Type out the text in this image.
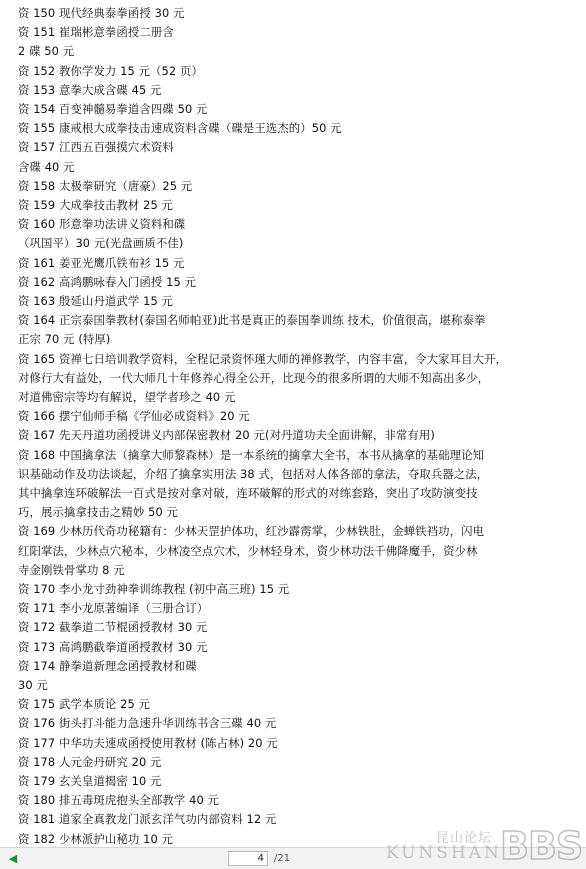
资 150 现代经典泰拳函授 30 元
资 151 崔瑞彬意拳函授二册含
2 碟 50 元
资 152 教你学发力 15 元（52 页）
资 153 意拳大成含碟 45 元
资 154 百变神髓易拳道含四碟 50 元
资 155 康戒根大成拳技击速成资料含碟（碟是王选杰的）50 元
资 157 江西五百强摸穴术资料
含碟 40 元
资 158 太极拳研究（唐豪）25 元
资 159 大成拳技击教材 25 元
资 160 形意拳功法讲义资料和碟
（巩国平）30 元(光盘画质不佳)
资 161 姜亚光鹰爪铁布衫 15 元
资 162 高鸿鹏咏春入门函授 15 元
资 163 殷延山丹道武学 15 元
资 164 正宗泰国拳教材(泰国名师帕亚)此书是真正的泰国拳训练 技术，价值很高，堪称泰拳
正宗 70 元 (特厚)
资 165 资禅七日培训教学资料，全程记录资怀瑾大师的禅修教学，内容丰富，令大家耳目大开，
对修行大有益处，一代大师几十年修养心得全公开，比现今的很多所谓的大师不知高出多少，
对道佛密宗等均有解说，望学者珍之 40 元
资 166 摆宁仙师手稿《学仙必成资料》20 元
资 167 先天丹道功函授讲义内部保密教材 20 元(对丹道功夫全面讲解，非常有用)
资 168 中国擒拿法（擒拿大师黎森林）是一本系统的擒拿大全书，本书从擒拿的基础理论知
识基础动作及功法谈起，介绍了擒拿实用法 38 式，包括对人体各部的拿法，夺取兵器之法，
其中擒拿连环破解法一百式是按对拿对破，连环破解的形式的对练套路，突出了攻防演变技
巧，展示擒拿技击之精妙 50 元
资 169 少林历代奇功秘籍有：少林天罡护体功，红沙霹雳掌，少林铁肚，金蝉铁裆功，闪电
红阳掌法，少林点穴秘本，少林凌空点穴术，少林轻身术，资少林功法千佛降魔手，资少林
寺金刚铁骨掌功 8 元
资 170 李小龙寸劲神拳训练教程 (初中高三班) 15 元
资 171 李小龙原著编译（三册合订）
资 172 截拳道二节棍函授教材 30 元
资 173 高鸿鹏截拳道函授教材 30 元
资 174 静拳道新理念函授教材和碟
30 元
资 175 武学本质论 25 元
资 176 街头打斗能力急速升华训练书含三碟 40 元
资 177 中华功夫速成函授使用教材 (陈占林) 20 元
资 178 人元金丹研究 20 元
资 179 玄关皇道揭密 10 元
资 180 排五毒斑虎抱头全部教学 40 元
资 181 道家全真教龙门派玄洋气功内部资料 12 元
资 182 少林派护山秘功 10 元
◀
4	/21
昆山论坛
KUNSHAN
BBS
